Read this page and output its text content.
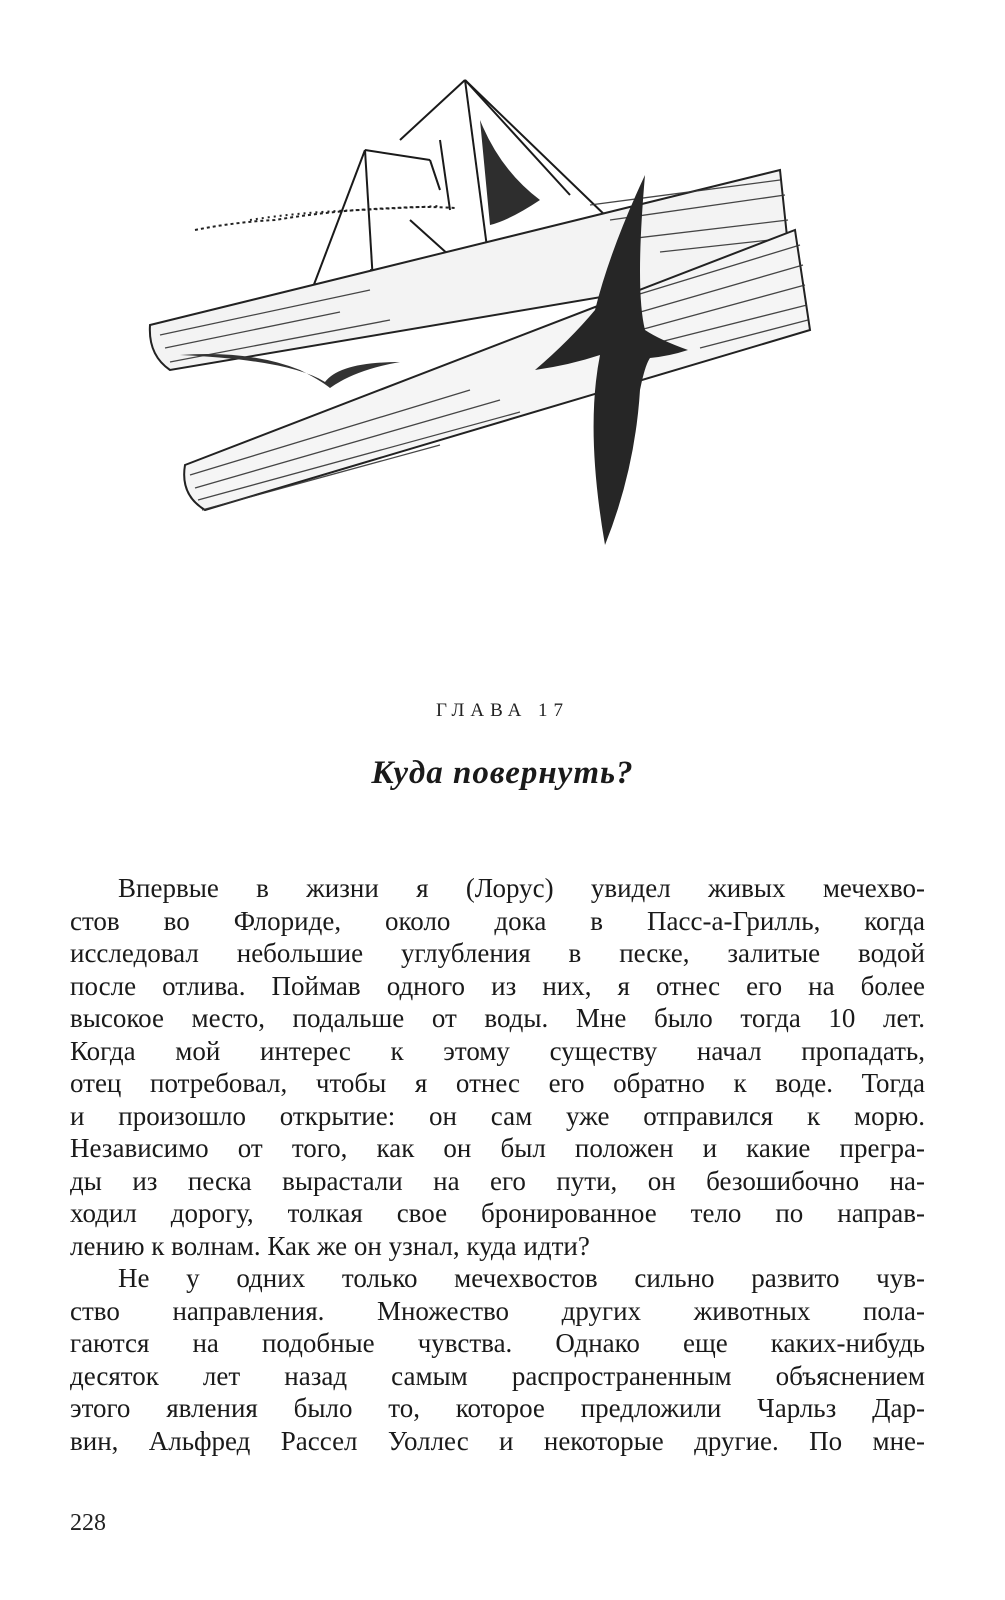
ГЛАВА 17
Куда повернуть?
Впервые в жизни я (Лорус) увидел живых мечехво-
стов во Флориде, около дока в Пасс-а-Грилль, когда
исследовал небольшие углубления в песке, залитые водой
после отлива. Поймав одного из них, я отнес его на более
высокое место, подальше от воды. Мне было тогда 10 лет.
Когда мой интерес к этому существу начал пропадать,
отец потребовал, чтобы я отнес его обратно к воде. Тогда
и произошло открытие: он сам уже отправился к морю.
Независимо от того, как он был положен и какие прегра-
ды из песка вырастали на его пути, он безошибочно на-
ходил дорогу, толкая свое бронированное тело по направ-
лению к волнам. Как же он узнал, куда идти?
Не у одних только мечехвостов сильно развито чув-
ство направления. Множество других животных пола-
гаются на подобные чувства. Однако еще каких-нибудь
десяток лет назад самым распространенным объяснением
этого явления было то, которое предложили Чарльз Дар-
вин, Альфред Рассел Уоллес и некоторые другие. По мне-
228
